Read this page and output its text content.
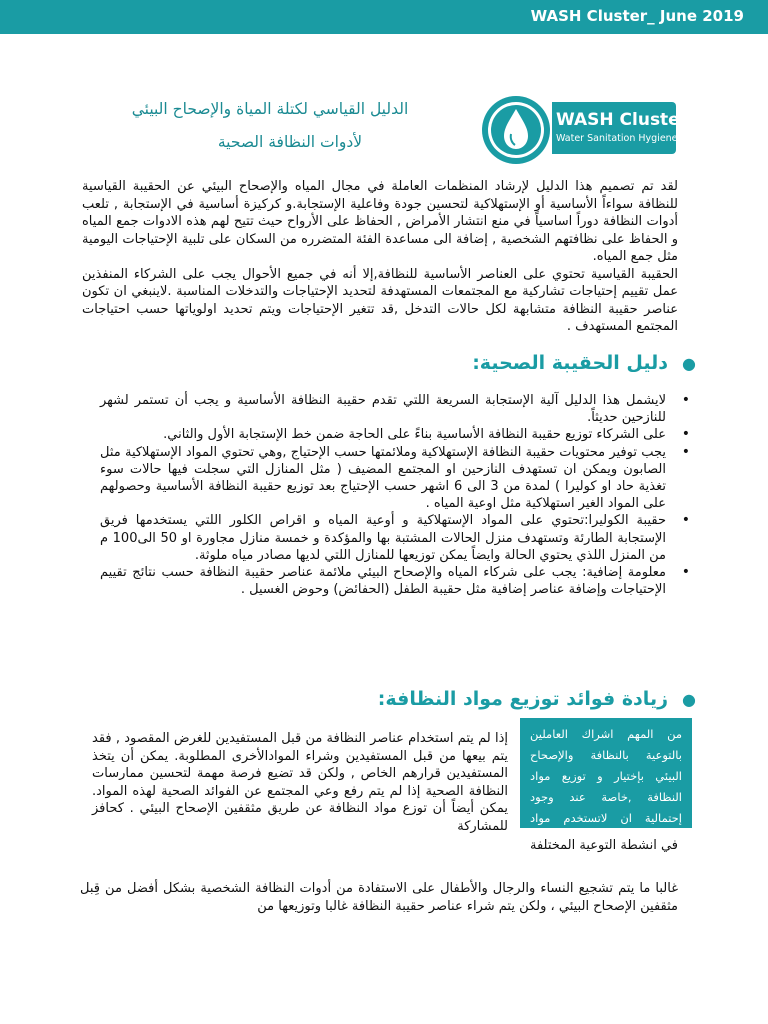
WASH Cluster_ June 2019
الدليل القياسي لكتلة المياة والإصحاح البيئي
لأدوات النظافة الصحية
WASH Cluster
Water Sanitation Hygiene

لقد تم تصميم هذا الدليل لإرشاد المنظمات العاملة في مجال المياه والإصحاح البيئي عن الحقيبة القياسية للنظافة سواءاً الأساسية أو الإستهلاكية لتحسين جودة وفاعلية الإستجابة.و كركيزة أساسية في الإستجابة , تلعب أدوات النظافة دوراً اساسياً في منع انتشار الأمراض , الحفاظ على الأرواح حيث تتيح لهم هذه الادوات جمع المياه و الحفاظ على نظافتهم الشخصية , إضافة الى مساعدة الفئة المتضرره من السكان على تلبية الإحتياجات اليومية مثل جمع المياه.

الحقيبة القياسية تحتوي على العناصر الأساسية للنظافة,إلا أنه في جميع الأحوال يجب على الشركاء المنفذين عمل تقييم إحتياجات تشاركية مع المجتمعات المستهدفة لتحديد الإحتياجات والتدخلات المناسبة .لاينبغي ان تكون عناصر حقيبة النظافة متشابهة لكل حالات التدخل ,قد تتغير الإحتياجات ويتم تحديد اولوياتها حسب احتياجات المجتمع المستهدف .

●دليل الحقيبة الصحية:
• لايشمل هذا الدليل آلية الإستجابة السريعة اللتي تقدم حقيبة النظافة الأساسية و يجب أن تستمر لشهر للنازحين حديثاً.
• على الشركاء توزيع حقيبة النظافة الأساسية بناءً على الحاجة ضمن خط الإستجابة الأول والثاني.
• يجب توفير محتويات حقيبة النظافة الإستهلاكية وملائمتها حسب الإحتياج ,وهي تحتوي المواد الإستهلاكية مثل الصابون ويمكن ان تستهدف النازحين او المجتمع المضيف ( مثل المنازل التي سجلت فيها حالات سوء تغذية حاد او كوليرا ) لمدة من 3 الى 6 اشهر حسب الإحتياج بعد توزيع حقيبة النظافة الأساسية وحصولهم على المواد الغير استهلاكية مثل اوعية المياه .
• حقيبة الكوليرا:تحتوي على المواد الإستهلاكية و أوعية المياه و اقراص الكلور اللتي يستخدمها فريق الإستجابة الطارئة وتستهدف منزل الحالات المشتبة بها والمؤكدة و خمسة منازل مجاورة او 50 الى100 م من المنزل اللذي يحتوي الحالة وايضاً يمكن توزيعها للمنازل اللتي لديها مصادر مياه ملوثة.
• معلومة إضافية: يجب على شركاء المياه والإصحاح البيئي ملائمة عناصر حقيبة النظافة حسب نتائج تقييم الإحتياجات وإضافة عناصر إضافية مثل حقيبة الطفل (الحفائض) وحوض الغسيل .
●زيادة فوائد توزيع مواد النظافة:
من المهم اشراك العاملين بالتوعية بالنظافة والإصحاح البيئي بإختيار و توزيع مواد النظافة ,خاصة عند وجود إحتمالية ان لاتستخدم مواد
إذا لم يتم استخدام عناصر النظافة من قبل المستفيدين للغرض المقصود , فقد يتم بيعها من قبل المستفيدين وشراء الموادالأخرى المطلوبة. يمكن أن يتخذ المستفيدين قرارهم الخاص , ولكن قد تضيع فرصة مهمة لتحسين ممارسات النظافة الصحية إذا لم يتم رفع وعي المجتمع عن الفوائد الصحية لهذه المواد. يمكن أيضاً أن توزع مواد النظافة عن طريق مثقفين الإصحاح البيئي . كحافز للمشاركة
في انشطة التوعية المختلفة
غالبا ما يتم تشجيع النساء والرجال والأطفال على الاستفادة من أدوات النظافة الشخصية بشكل أفضل من قِبل مثقفين الإصحاح البيئي ، ولكن يتم شراء عناصر حقيبة النظافة غالبا وتوزيعها من
